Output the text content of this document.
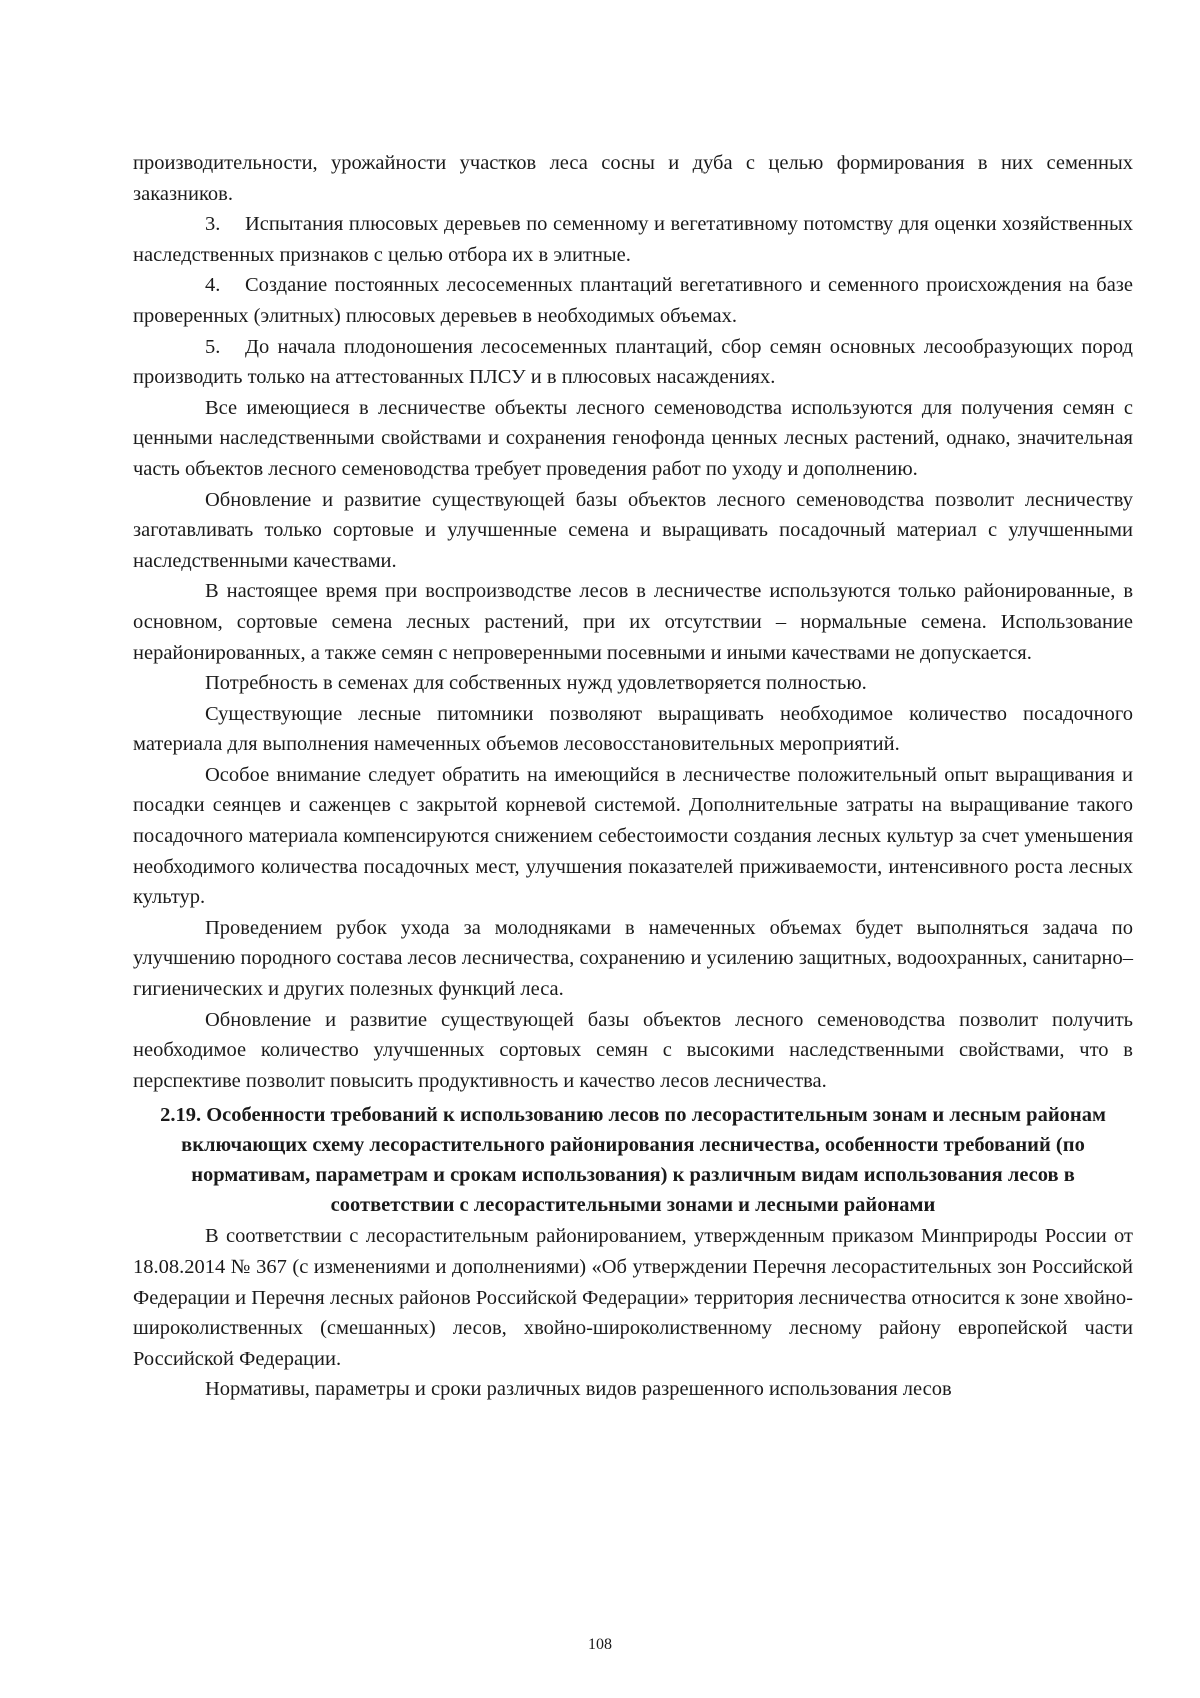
производительности, урожайности участков леса сосны и дуба с целью формирования в них семенных заказников.

3. Испытания плюсовых деревьев по семенному и вегетативному потомству для оценки хозяйственных наследственных признаков с целью отбора их в элитные.

4. Создание постоянных лесосеменных плантаций вегетативного и семенного происхождения на базе проверенных (элитных) плюсовых деревьев в необходимых объемах.

5. До начала плодоношения лесосеменных плантаций, сбор семян основных лесообразующих пород производить только на аттестованных ПЛСУ и в плюсовых насаждениях.

Все имеющиеся в лесничестве объекты лесного семеноводства используются для получения семян с ценными наследственными свойствами и сохранения генофонда ценных лесных растений, однако, значительная часть объектов лесного семеноводства требует проведения работ по уходу и дополнению.

Обновление и развитие существующей базы объектов лесного семеноводства позволит лесничеству заготавливать только сортовые и улучшенные семена и выращивать посадочный материал с улучшенными наследственными качествами.

В настоящее время при воспроизводстве лесов в лесничестве используются только районированные, в основном, сортовые семена лесных растений, при их отсутствии – нормальные семена. Использование нерайонированных, а также семян с непроверенными посевными и иными качествами не допускается.

Потребность в семенах для собственных нужд удовлетворяется полностью.

Существующие лесные питомники позволяют выращивать необходимое количество посадочного материала для выполнения намеченных объемов лесовосстановительных мероприятий.

Особое внимание следует обратить на имеющийся в лесничестве положительный опыт выращивания и посадки сеянцев и саженцев с закрытой корневой системой. Дополнительные затраты на выращивание такого посадочного материала компенсируются снижением себестоимости создания лесных культур за счет уменьшения необходимого количества посадочных мест, улучшения показателей приживаемости, интенсивного роста лесных культур.

Проведением рубок ухода за молодняками в намеченных объемах будет выполняться задача по улучшению породного состава лесов лесничества, сохранению и усилению защитных, водоохранных, санитарно–гигиенических и других полезных функций леса.

Обновление и развитие существующей базы объектов лесного семеноводства позволит получить необходимое количество улучшенных сортовых семян с высокими наследственными свойствами, что в перспективе позволит повысить продуктивность и качество лесов лесничества.

2.19. Особенности требований к использованию лесов по лесорастительным зонам и лесным районам включающих схему лесорастительного районирования лесничества, особенности требований (по нормативам, параметрам и срокам использования) к различным видам использования лесов в соответствии с лесорастительными зонами и лесными районами

В соответствии с лесорастительным районированием, утвержденным приказом Минприроды России от 18.08.2014 № 367 (с изменениями и дополнениями) «Об утверждении Перечня лесорастительных зон Российской Федерации и Перечня лесных районов Российской Федерации» территория лесничества относится к зоне хвойно-широколиственных (смешанных) лесов, хвойно-широколиственному лесному району европейской части Российской Федерации.

Нормативы, параметры и сроки различных видов разрешенного использования лесов

108
